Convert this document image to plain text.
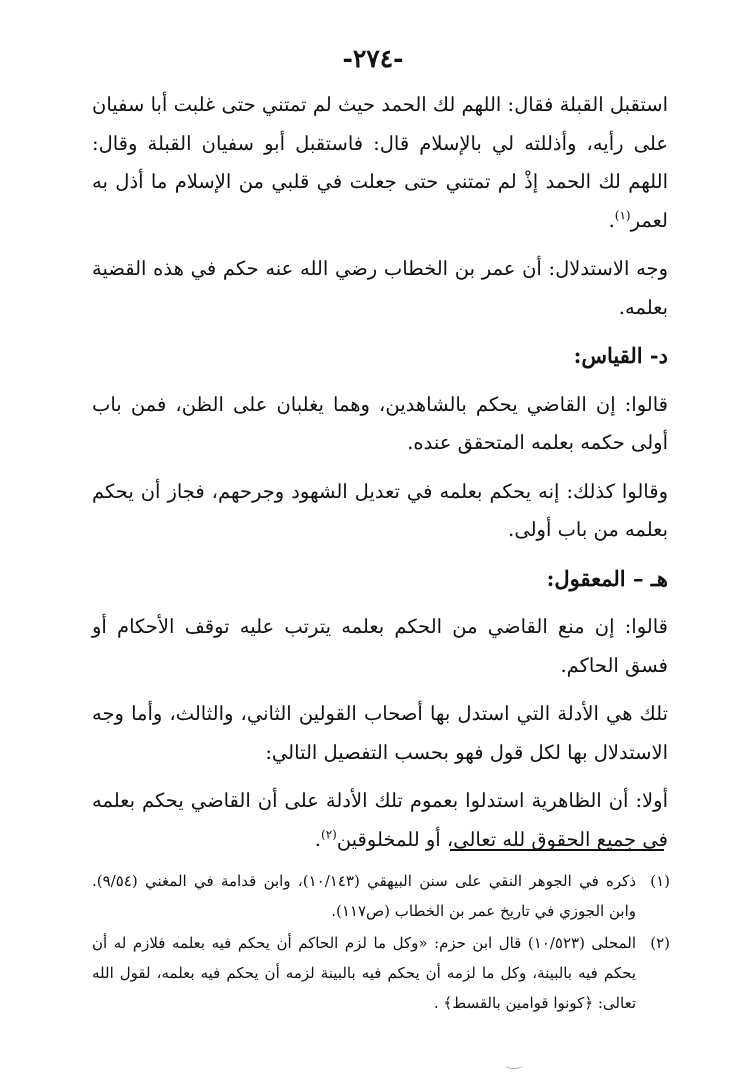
-٢٧٤-

استقبل القبلة فقال: اللهم لك الحمد حيث لم تمتني حتى غلبت أبا سفيان على رأيه، وأذللته لي بالإسلام قال: فاستقبل أبو سفيان القبلة وقال: اللهم لك الحمد إذْ لم تمتني حتى جعلت في قلبي من الإسلام ما أذل به لعمر$^{(١)}$.

وجه الاستدلال: أن عمر بن الخطاب رضي الله عنه حكم في هذه القضية بعلمه.

د- القياس:

قالوا: إن القاضي يحكم بالشاهدين، وهما يغلبان على الظن، فمن باب أولى حكمه بعلمه المتحقق عنده.

وقالوا كذلك: إنه يحكم بعلمه في تعديل الشهود وجرحهم، فجاز أن يحكم بعلمه من باب أولى.

هـ – المعقول:

قالوا: إن منع القاضي من الحكم بعلمه يترتب عليه توقف الأحكام أو فسق الحاكم.

تلك هي الأدلة التي استدل بها أصحاب القولين الثاني، والثالث، وأما وجه الاستدلال بها لكل قول فهو بحسب التفصيل التالي:

أولا: أن الظاهرية استدلوا بعموم تلك الأدلة على أن القاضي يحكم بعلمه في جميع الحقوق لله تعالى، أو للمخلوقين$^{(٢)}$.

(١)
ذكره في الجوهر النقي على سنن البيهقي (١٠/١٤٣)، وابن قدامة في المغني (٩/٥٤). وابن الجوزي في تاريخ عمر بن الخطاب (ص١١٧).
(٢)
المحلى (١٠/٥٢٣) قال ابن حزم: «وكل ما لزم الحاكم أن يحكم فيه بعلمه فلازم له أن يحكم فيه بالبينة، وكل ما لزمه أن يحكم فيه بالبينة لزمه أن يحكم فيه بعلمه، لقول الله تعالى: ﴿كونوا قوامين بالقسط﴾ .
